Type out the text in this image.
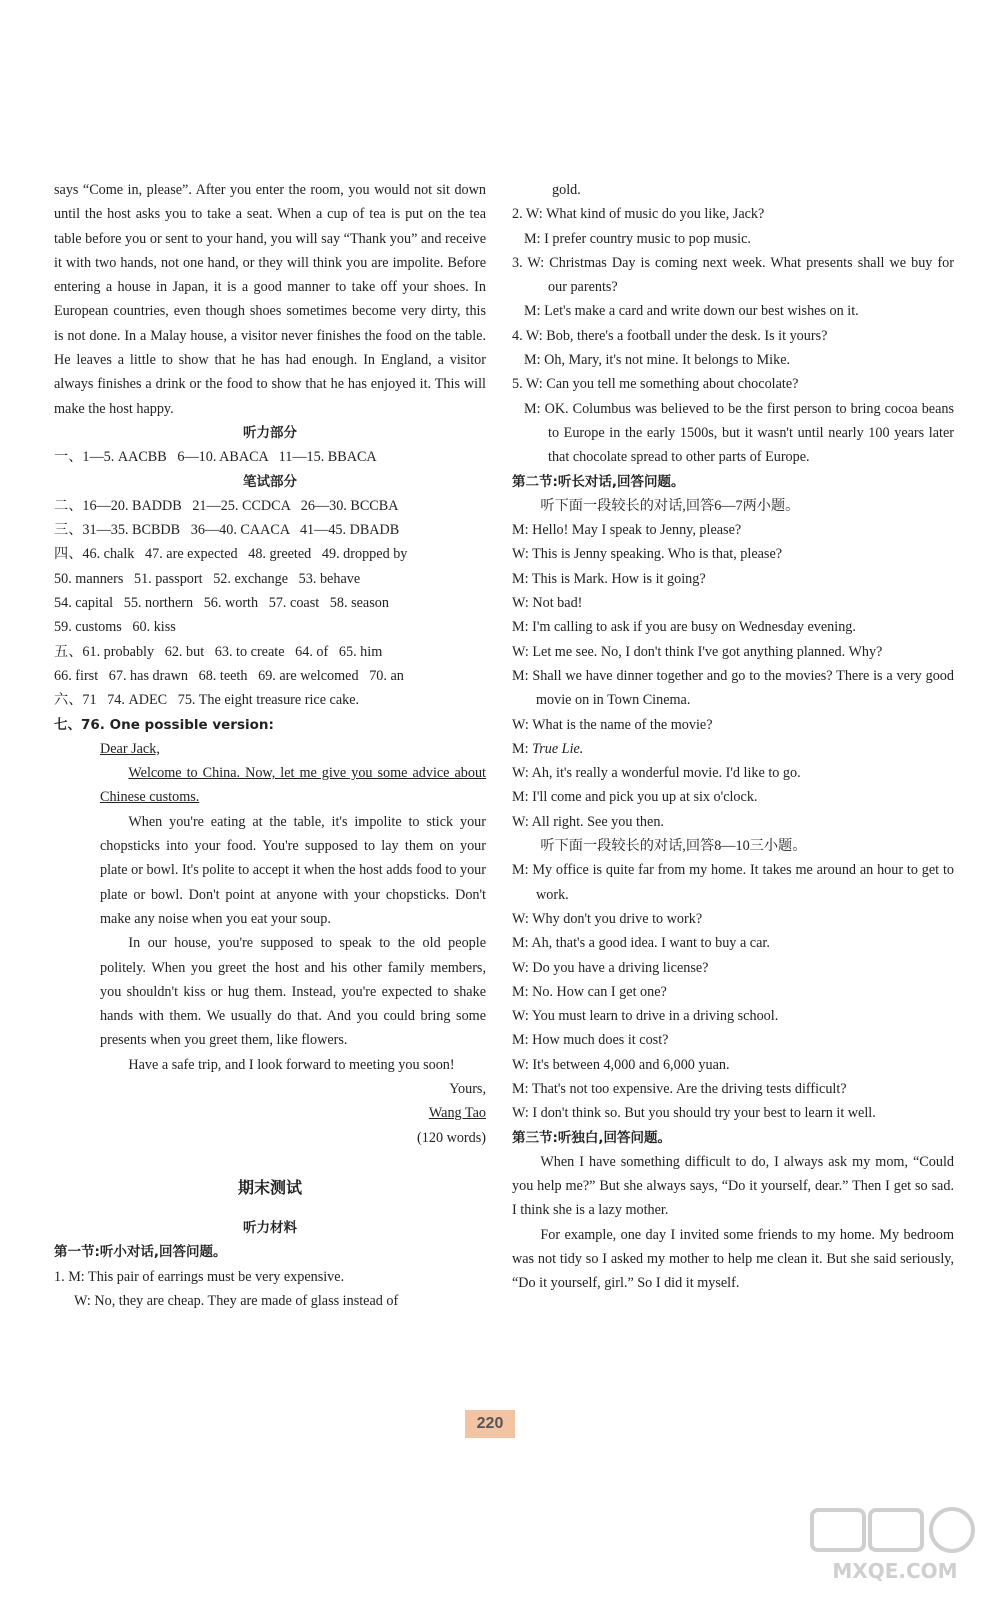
says “Come in, please”. After you enter the room, you would not sit down until the host asks you to take a seat. When a cup of tea is put on the tea table before you or sent to your hand, you will say “Thank you” and receive it with two hands, not one hand, or they will think you are impolite. Before entering a house in Japan, it is a good manner to take off your shoes. In European countries, even though shoes sometimes become very dirty, this is not done. In a Malay house, a visitor never finishes the food on the table. He leaves a little to show that he has had enough. In England, a visitor always finishes a drink or the food to show that he has enjoyed it. This will make the host happy.

听力部分

一、1—5. AACBB   6—10. ABACA   11—15. BBACA

笔试部分

二、16—20. BADDB   21—25. CCDCA   26—30. BCCBA

三、31—35. BCBDB   36—40. CAACA   41—45. DBADB

四、46. chalk   47. are expected   48. greeted   49. dropped by

50. manners   51. passport   52. exchange   53. behave

54. capital   55. northern   56. worth   57. coast   58. season

59. customs   60. kiss

五、61. probably   62. but   63. to create   64. of   65. him

66. first   67. has drawn   68. teeth   69. are welcomed   70. an

六、71   74. ADEC   75. The eight treasure rice cake.

七、76. One possible version:

Dear Jack,

Welcome to China. Now, let me give you some advice about Chinese customs.

When you're eating at the table, it's impolite to stick your chopsticks into your food. You're supposed to lay them on your plate or bowl. It's polite to accept it when the host adds food to your plate or bowl. Don't point at anyone with your chopsticks. Don't make any noise when you eat your soup.

In our house, you're supposed to speak to the old people politely. When you greet the host and his other family members, you shouldn't kiss or hug them. Instead, you're expected to shake hands with them. We usually do that. And you could bring some presents when you greet them, like flowers.

Have a safe trip, and I look forward to meeting you soon!

Yours,

Wang Tao

(120 words)

期末测试

听力材料

第一节:听小对话,回答问题。

1. M: This pair of earrings must be very expensive.

W: No, they are cheap. They are made of glass instead of

gold.

2. W: What kind of music do you like, Jack?

M: I prefer country music to pop music.

3. W: Christmas Day is coming next week. What presents shall we buy for our parents?

M: Let's make a card and write down our best wishes on it.

4. W: Bob, there's a football under the desk. Is it yours?

M: Oh, Mary, it's not mine. It belongs to Mike.

5. W: Can you tell me something about chocolate?

M: OK. Columbus was believed to be the first person to bring cocoa beans to Europe in the early 1500s, but it wasn't until nearly 100 years later that chocolate spread to other parts of Europe.

第二节:听长对话,回答问题。

听下面一段较长的对话,回答6—7两小题。

M: Hello! May I speak to Jenny, please?

W: This is Jenny speaking. Who is that, please?

M: This is Mark. How is it going?

W: Not bad!

M: I'm calling to ask if you are busy on Wednesday evening.

W: Let me see. No, I don't think I've got anything planned. Why?

M: Shall we have dinner together and go to the movies? There is a very good movie on in Town Cinema.

W: What is the name of the movie?

M: True Lie.

W: Ah, it's really a wonderful movie. I'd like to go.

M: I'll come and pick you up at six o'clock.

W: All right. See you then.

听下面一段较长的对话,回答8—10三小题。

M: My office is quite far from my home. It takes me around an hour to get to work.

W: Why don't you drive to work?

M: Ah, that's a good idea. I want to buy a car.

W: Do you have a driving license?

M: No. How can I get one?

W: You must learn to drive in a driving school.

M: How much does it cost?

W: It's between 4,000 and 6,000 yuan.

M: That's not too expensive. Are the driving tests difficult?

W: I don't think so. But you should try your best to learn it well.

第三节:听独白,回答问题。

When I have something difficult to do, I always ask my mom, “Could you help me?” But she always says, “Do it yourself, dear.” Then I get so sad. I think she is a lazy mother.

For example, one day I invited some friends to my home. My bedroom was not tidy so I asked my mother to help me clean it. But she said seriously, “Do it yourself, girl.” So I did it myself.

220
MXQE.COM
